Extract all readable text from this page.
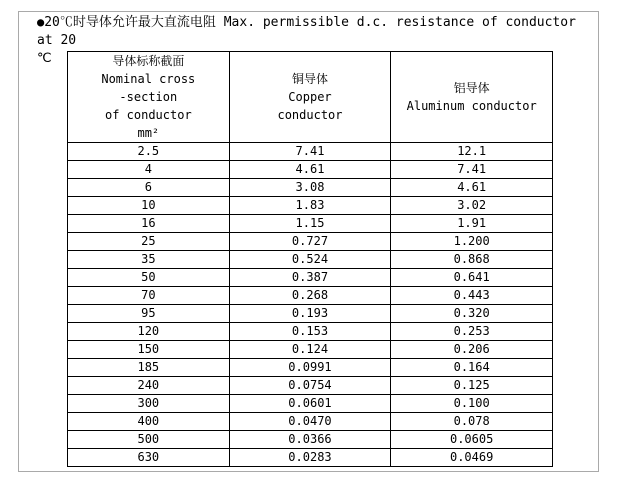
●20℃时导体允许最大直流电阻 Max. permissible d.c. resistance of conductor at 20
℃	导体标称截面
Nominal cross
-section
of conductor
mm²

铜导体
Copper
conductor

铝导体
Aluminum conductor

2.5	7.41	12.1
4	4.61	7.41
6	3.08	4.61
10	1.83	3.02
16	1.15	1.91
25	0.727	1.200
35	0.524	0.868
50	0.387	0.641
70	0.268	0.443
95	0.193	0.320
120	0.153	0.253
150	0.124	0.206
185	0.0991	0.164
240	0.0754	0.125
300	0.0601	0.100
400	0.0470	0.078
500	0.0366	0.0605
630	0.0283	0.0469
